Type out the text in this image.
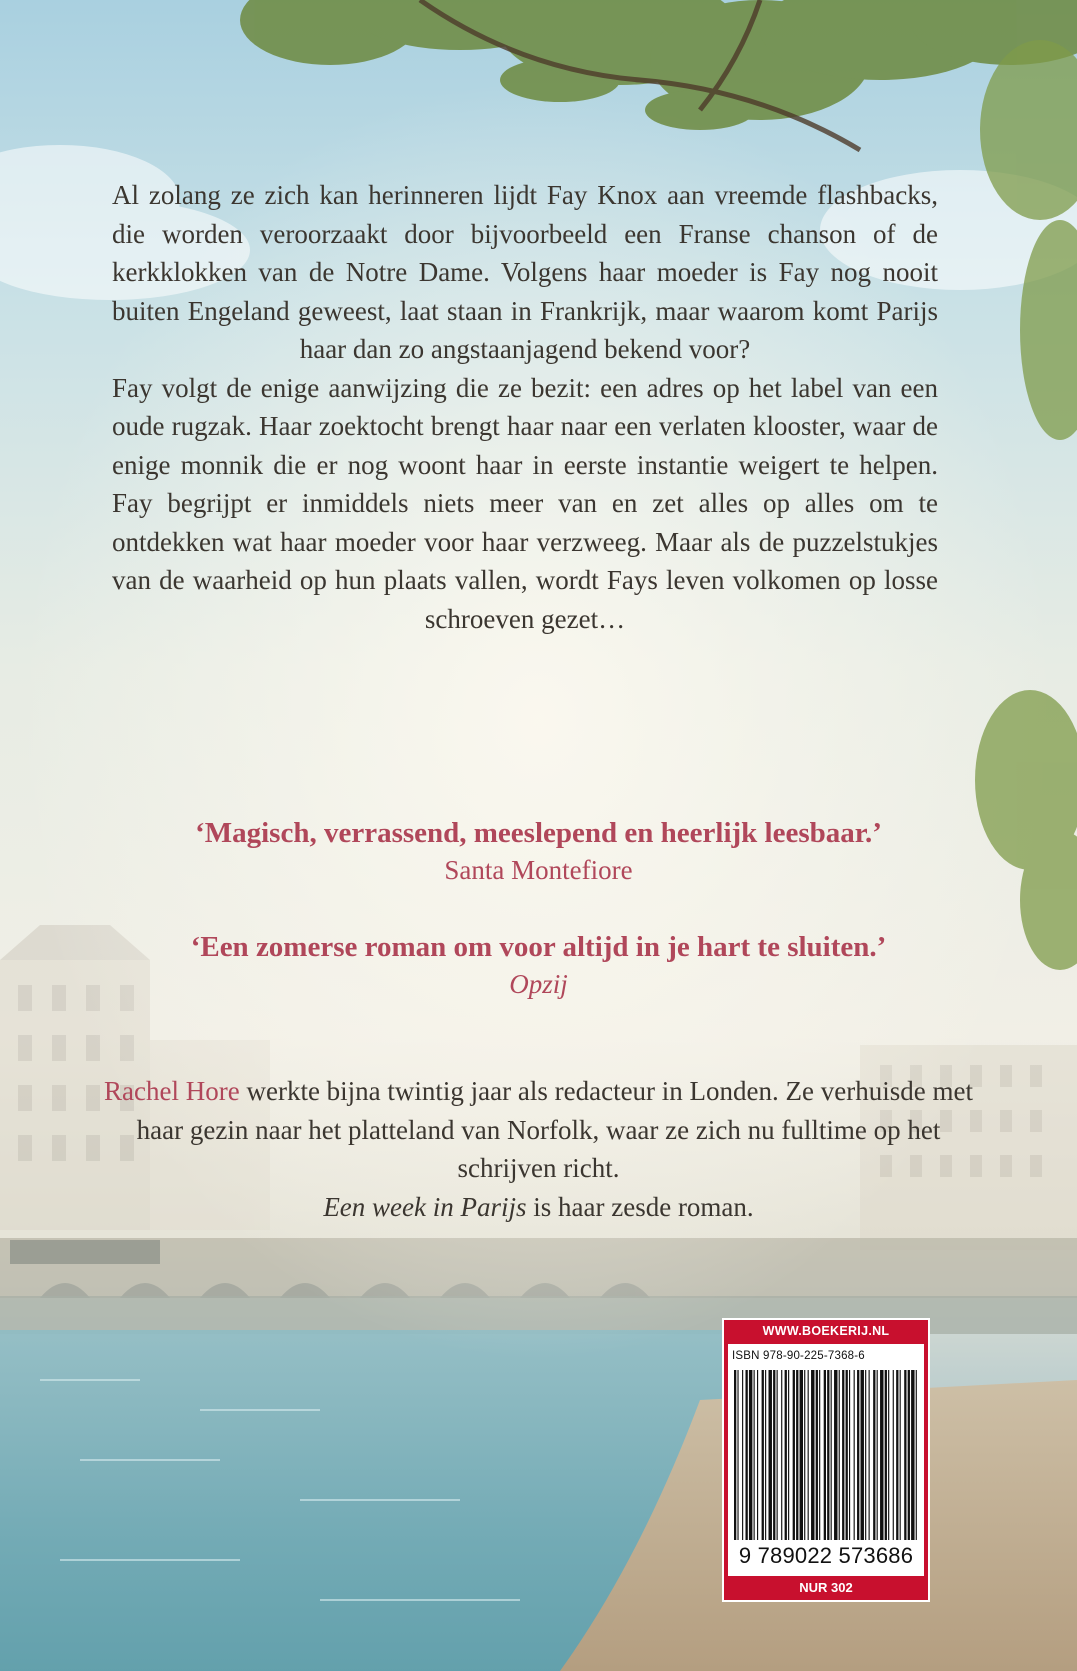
Al zolang ze zich kan herinneren lijdt Fay Knox aan vreemde flashbacks, die worden veroorzaakt door bijvoorbeeld een Franse chanson of de kerkklokken van de Notre Dame. Volgens haar moeder is Fay nog nooit buiten Engeland geweest, laat staan in Frankrijk, maar waarom komt Parijs haar dan zo angstaanjagend bekend voor?

Fay volgt de enige aanwijzing die ze bezit: een adres op het label van een oude rugzak. Haar zoektocht brengt haar naar een verlaten klooster, waar de enige monnik die er nog woont haar in eerste instantie weigert te helpen. Fay begrijpt er inmiddels niets meer van en zet alles op alles om te ontdekken wat haar moeder voor haar verzweeg. Maar als de puzzelstukjes van de waarheid op hun plaats vallen, wordt Fays leven volkomen op losse schroeven gezet…

‘Magisch, verrassend, meeslepend en heerlijk leesbaar.’
Santa Montefiore
‘Een zomerse roman om voor altijd in je hart te sluiten.’
Opzij

Rachel Hore werkte bijna twintig jaar als redacteur in Londen. Ze verhuisde met haar gezin naar het platteland van Norfolk, waar ze zich nu fulltime op het schrijven richt.

Een week in Parijs is haar zesde roman.

WWW.BOEKERIJ.NL
ISBN 978-90-225-7368-6
9 789022 573686
NUR 302
